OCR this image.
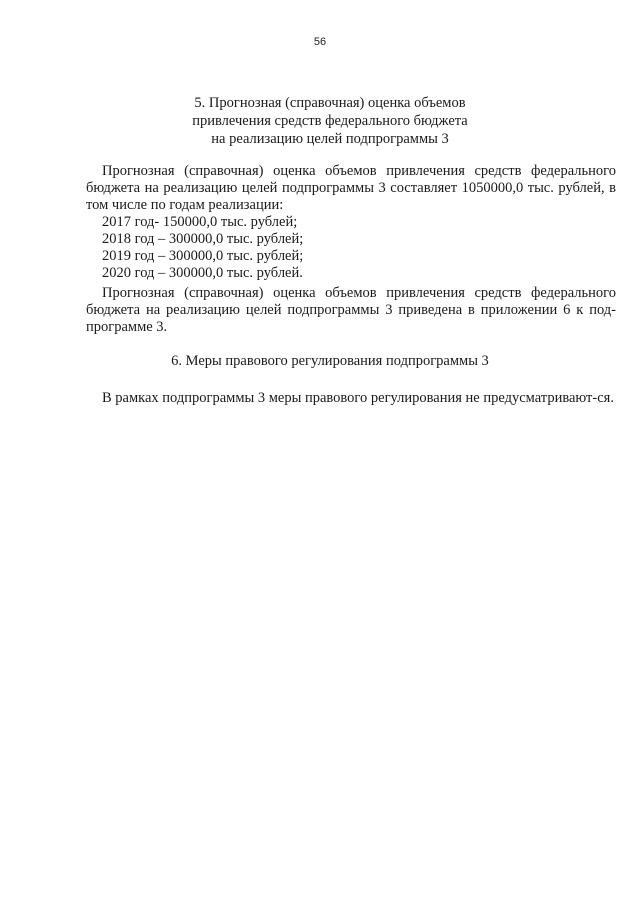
56
5. Прогнозная (справочная) оценка объемов
привлечения средств федерального бюджета
на реализацию целей подпрограммы 3

Прогнозная (справочная) оценка объемов привлечения средств федерального бюджета на реализацию целей подпрограммы 3 составляет 1050000,0 тыс. рублей, в том числе по годам реализации:

2017 год- 150000,0 тыс. рублей;
2018 год – 300000,0 тыс. рублей;
2019 год – 300000,0 тыс. рублей;
2020 год – 300000,0 тыс. рублей.

Прогнозная (справочная) оценка объемов привлечения средств федерального бюджета на реализацию целей подпрограммы 3 приведена в приложении 6 к под-программе 3.

6. Меры правового регулирования подпрограммы 3

В рамках подпрограммы 3 меры правового регулирования не предусматривают-ся.
